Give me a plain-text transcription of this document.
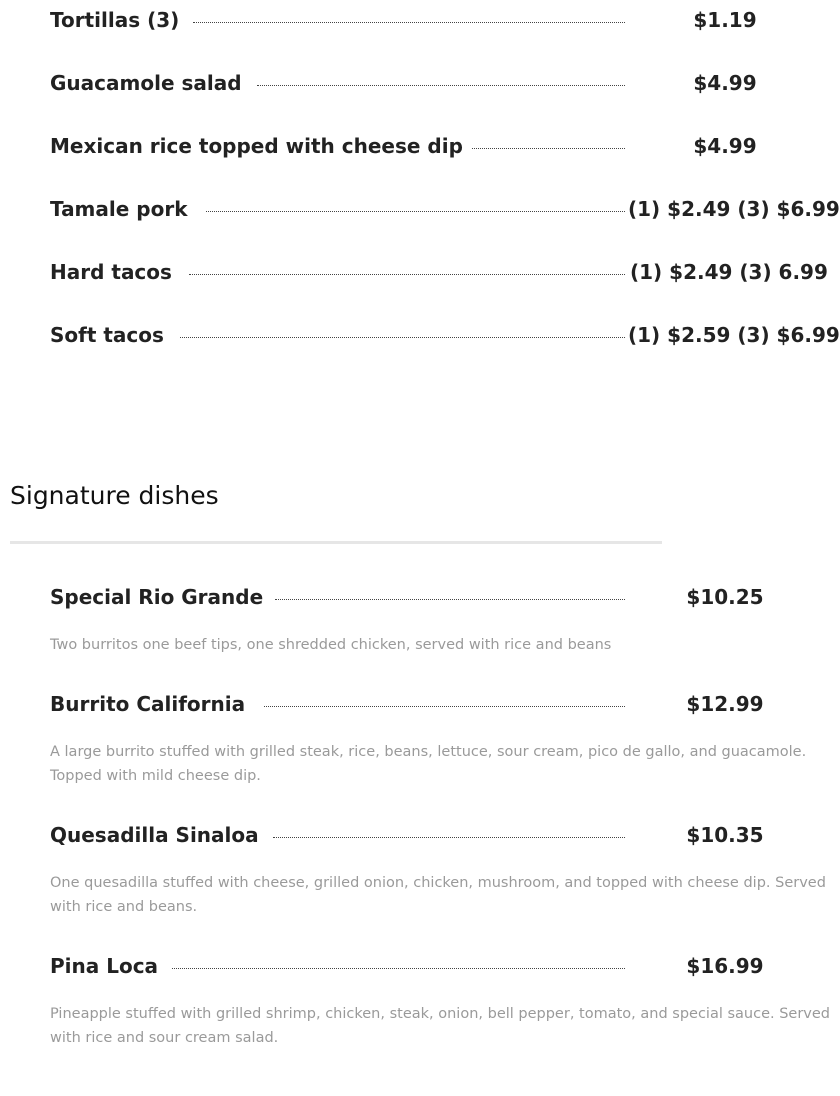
Tortillas (3)	$1.19
Guacamole salad	$4.99
Mexican rice topped with cheese dip	$4.99
Tamale pork	(1) $2.49 (3) $6.99
Hard tacos	(1) $2.49 (3) 6.99
Soft tacos	(1) $2.59 (3) $6.99
Signature dishes
Special Rio Grande	$10.25
Two burritos one beef tips, one shredded chicken, served with rice and beans
Burrito California	$12.99
A large burrito stuffed with grilled steak, rice, beans, lettuce, sour cream, pico de gallo, and guacamole. Topped with mild cheese dip.
Quesadilla Sinaloa	$10.35
One quesadilla stuffed with cheese, grilled onion, chicken, mushroom, and topped with cheese dip. Served with rice and beans.
Pina Loca	$16.99
Pineapple stuffed with grilled shrimp, chicken, steak, onion, bell pepper, tomato, and special sauce. Served with rice and sour cream salad.
